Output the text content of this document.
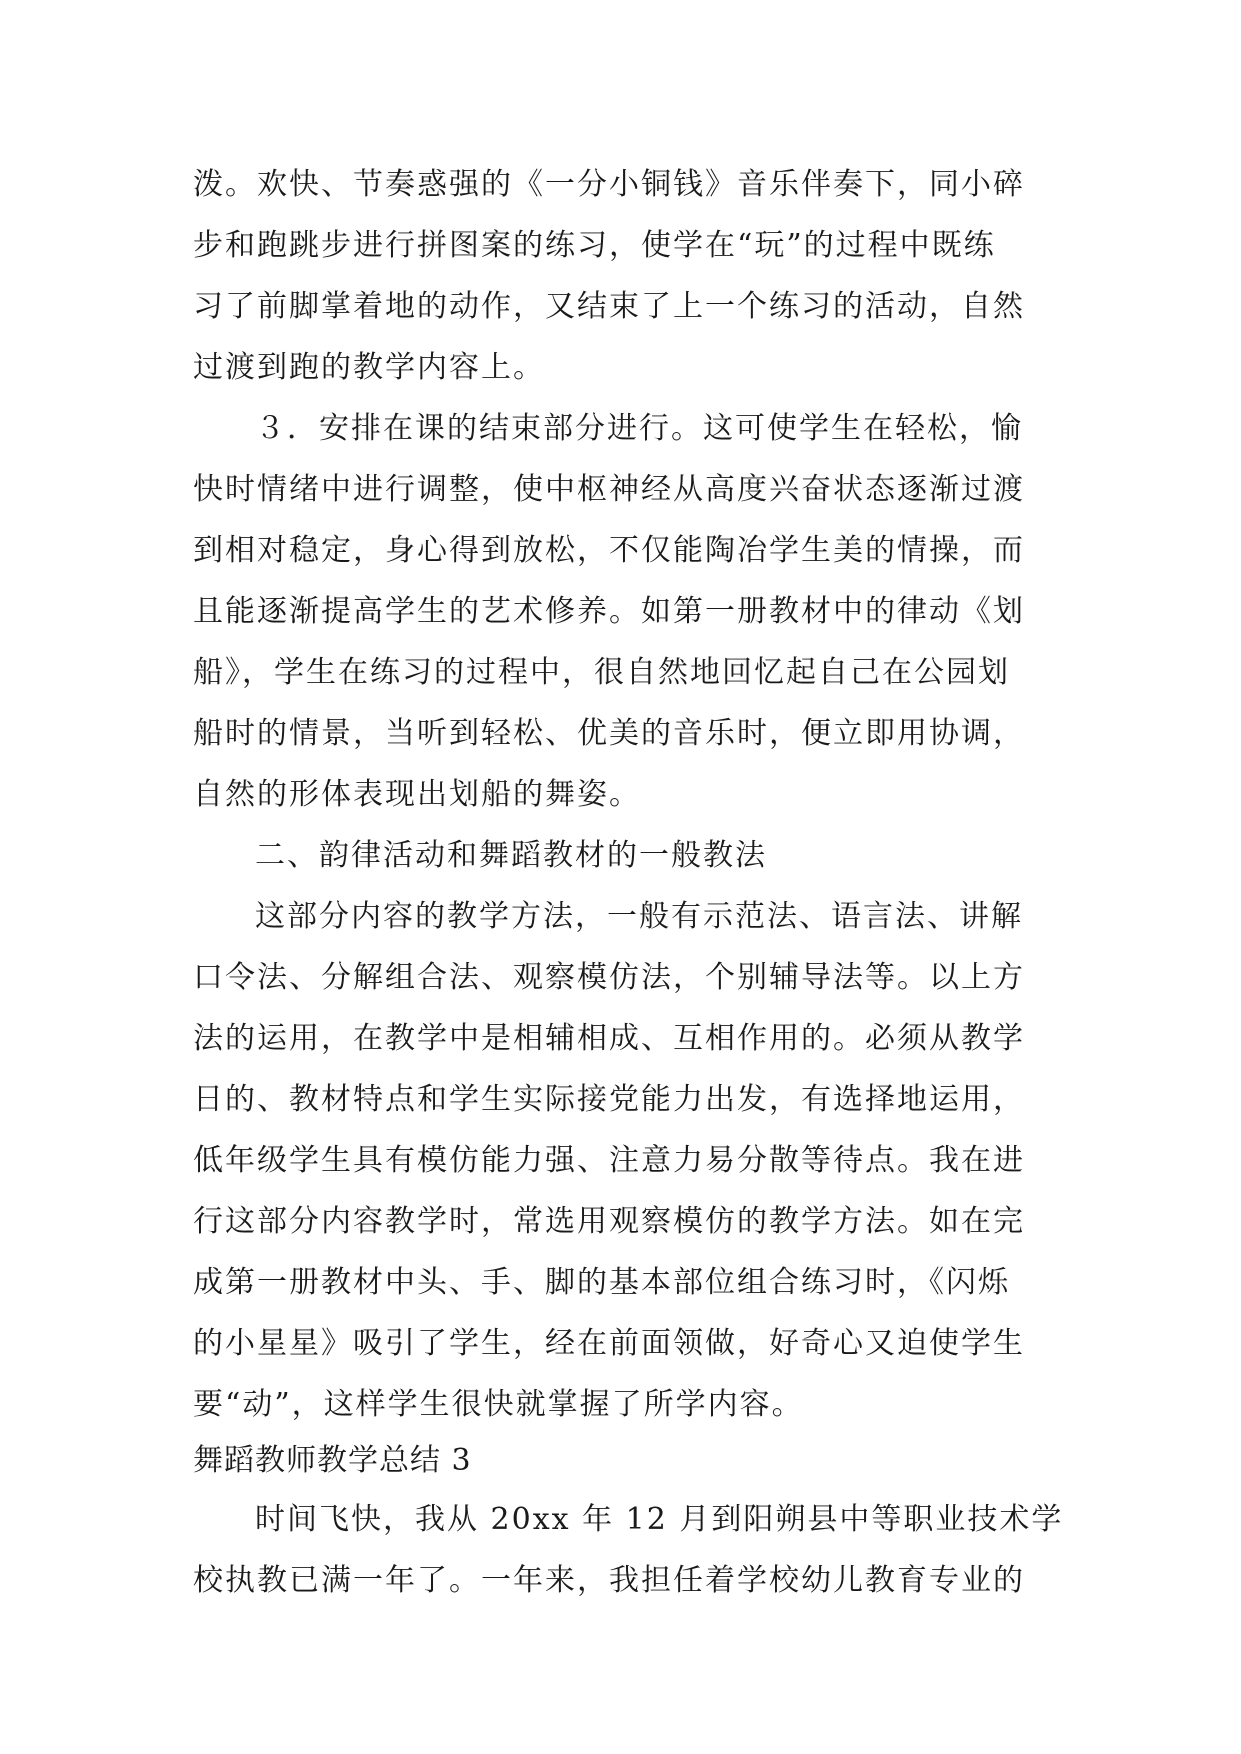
泼。欢快、节奏惑强的《一分小铜钱》音乐伴奏下，同小碎
步和跑跳步进行拼图案的练习，使学在“玩”的过程中既练
习了前脚掌着地的动作，又结束了上一个练习的活动，自然
过渡到跑的教学内容上。
３．安排在课的结束部分进行。这可使学生在轻松，愉
快时情绪中进行调整，使中枢神经从高度兴奋状态逐渐过渡
到相对稳定，身心得到放松，不仅能陶冶学生美的情操，而
且能逐渐提高学生的艺术修养。如第一册教材中的律动《划
船》，学生在练习的过程中，很自然地回忆起自己在公园划
船时的情景，当听到轻松、优美的音乐时，便立即用协调，
自然的形体表现出划船的舞姿。
二、韵律活动和舞蹈教材的一般教法
这部分内容的教学方法，一般有示范法、语言法、讲解
口令法、分解组合法、观察模仿法，个别辅导法等。以上方
法的运用，在教学中是相辅相成、互相作用的。必须从教学
日的、教材特点和学生实际接党能力出发，有选择地运用，
低年级学生具有模仿能力强、注意力易分散等待点。我在进
行这部分内容教学时，常选用观察模仿的教学方法。如在完
成第一册教材中头、手、脚的基本部位组合练习时，《闪烁
的小星星》吸引了学生，经在前面领做，好奇心又迫使学生
要“动”，这样学生很快就掌握了所学内容。
舞蹈教师教学总结 3
时间飞快，我从 20xx 年 12 月到阳朔县中等职业技术学
校执教已满一年了。一年来，我担任着学校幼儿教育专业的
